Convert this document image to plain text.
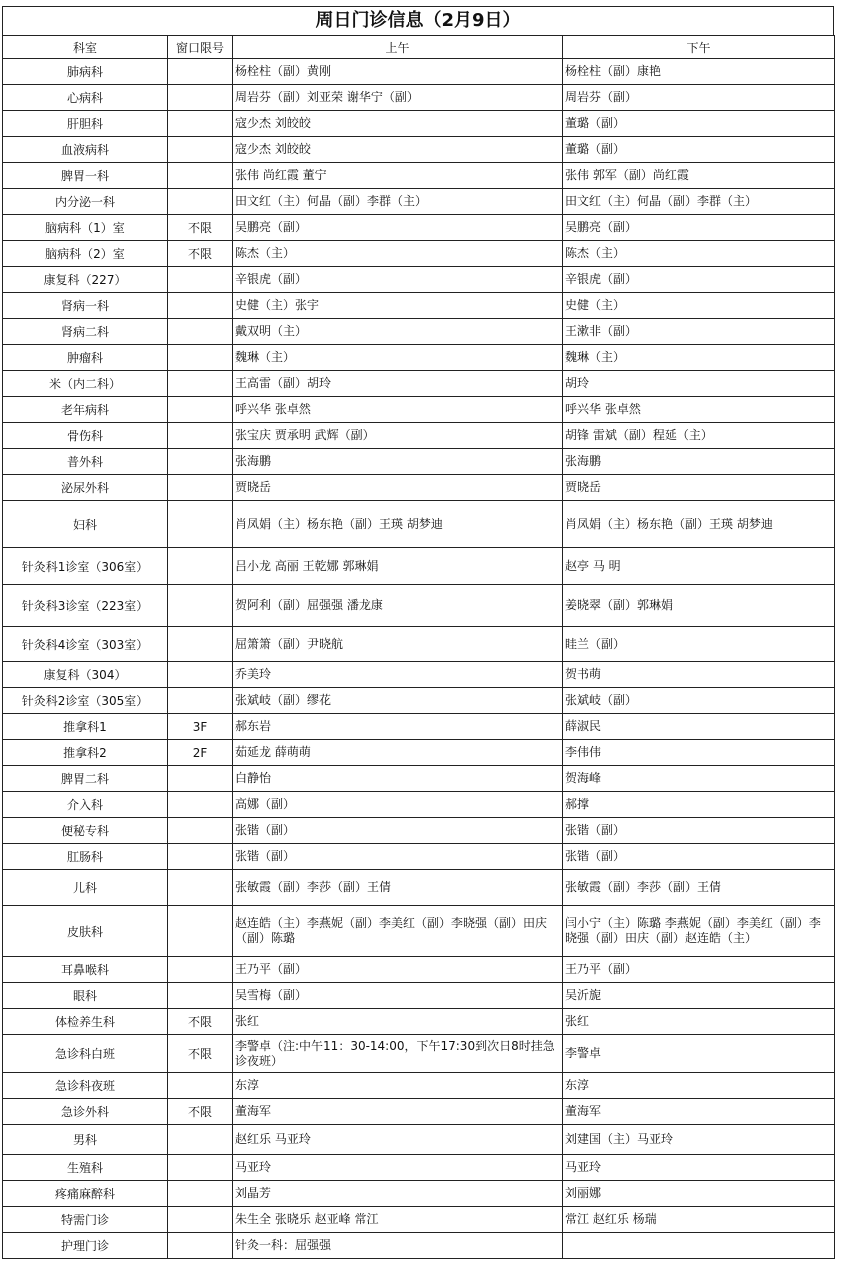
周日门诊信息（2月9日）
科室	窗口限号	上午	下午
肺病科		杨栓柱（副）黄刚	杨栓柱（副）康艳
心病科		周岩芬（副）刘亚荣 谢华宁（副）	周岩芬（副）
肝胆科		寇少杰 刘皎皎	董璐（副）
血液病科		寇少杰 刘皎皎	董璐（副）
脾胃一科		张伟 尚红霞 董宁	张伟 郭军（副）尚红霞
内分泌一科		田文红（主）何晶（副）李群（主）	田文红（主）何晶（副）李群（主）
脑病科（1）室	不限	吴鹏亮（副）	吴鹏亮（副）
脑病科（2）室	不限	陈杰（主）	陈杰（主）
康复科（227）		辛银虎（副）	辛银虎（副）
肾病一科		史健（主）张宇	史健（主）
肾病二科		戴双明（主）	王漱非（副）
肿瘤科		魏琳（主）	魏琳（主）
米（内二科）		王高雷（副）胡玲	胡玲
老年病科		呼兴华 张卓然	呼兴华 张卓然
骨伤科		张宝庆 贾承明 武辉（副）	胡锋 雷斌（副）程延（主）
普外科		张海鹏	张海鹏
泌尿外科		贾晓岳	贾晓岳
妇科		肖凤娟（主）杨东艳（副）王瑛 胡梦迪	肖凤娟（主）杨东艳（副）王瑛 胡梦迪
针灸科1诊室（306室）		吕小龙 高丽 王乾娜 郭琳娟	赵亭 马 明
针灸科3诊室（223室）		贺阿利（副）屈强强 潘龙康	姜晓翠（副）郭琳娟
针灸科4诊室（303室）		屈箫箫（副）尹晓航	眭兰（副）
康复科（304）		乔美玲	贺书萌
针灸科2诊室（305室）		张斌岐（副）缪花	张斌岐（副）
推拿科1	3F	郝东岩	薛淑民
推拿科2	2F	茹延龙 薛萌萌	李伟伟
脾胃二科		白静怡	贺海峰
介入科		高娜（副）	郝撑
便秘专科		张锴（副）	张锴（副）
肛肠科		张锴（副）	张锴（副）
儿科		张敏霞（副）李莎（副）王倩	张敏霞（副）李莎（副）王倩
皮肤科		赵连皓（主）李燕妮（副）李美红（副）李晓强（副）田庆（副）陈璐	闫小宁（主）陈璐 李燕妮（副）李美红（副）李晓强（副）田庆（副）赵连皓（主）
耳鼻喉科		王乃平（副）	王乃平（副）
眼科		吴雪梅（副）	吴沂旎
体检养生科	不限	张红	张红
急诊科白班	不限	李警卓（注:中午11：30-14:00，下午17:30到次日8时挂急诊夜班）	李警卓
急诊科夜班		东淳	东淳
急诊外科	不限	董海军	董海军
男科		赵红乐 马亚玲	刘建国（主）马亚玲
生殖科		马亚玲	马亚玲
疼痛麻醉科		刘晶芳	刘丽娜
特需门诊		朱生全 张晓乐 赵亚峰 常江	常江 赵红乐 杨瑞
护理门诊		针灸一科：屈强强	
